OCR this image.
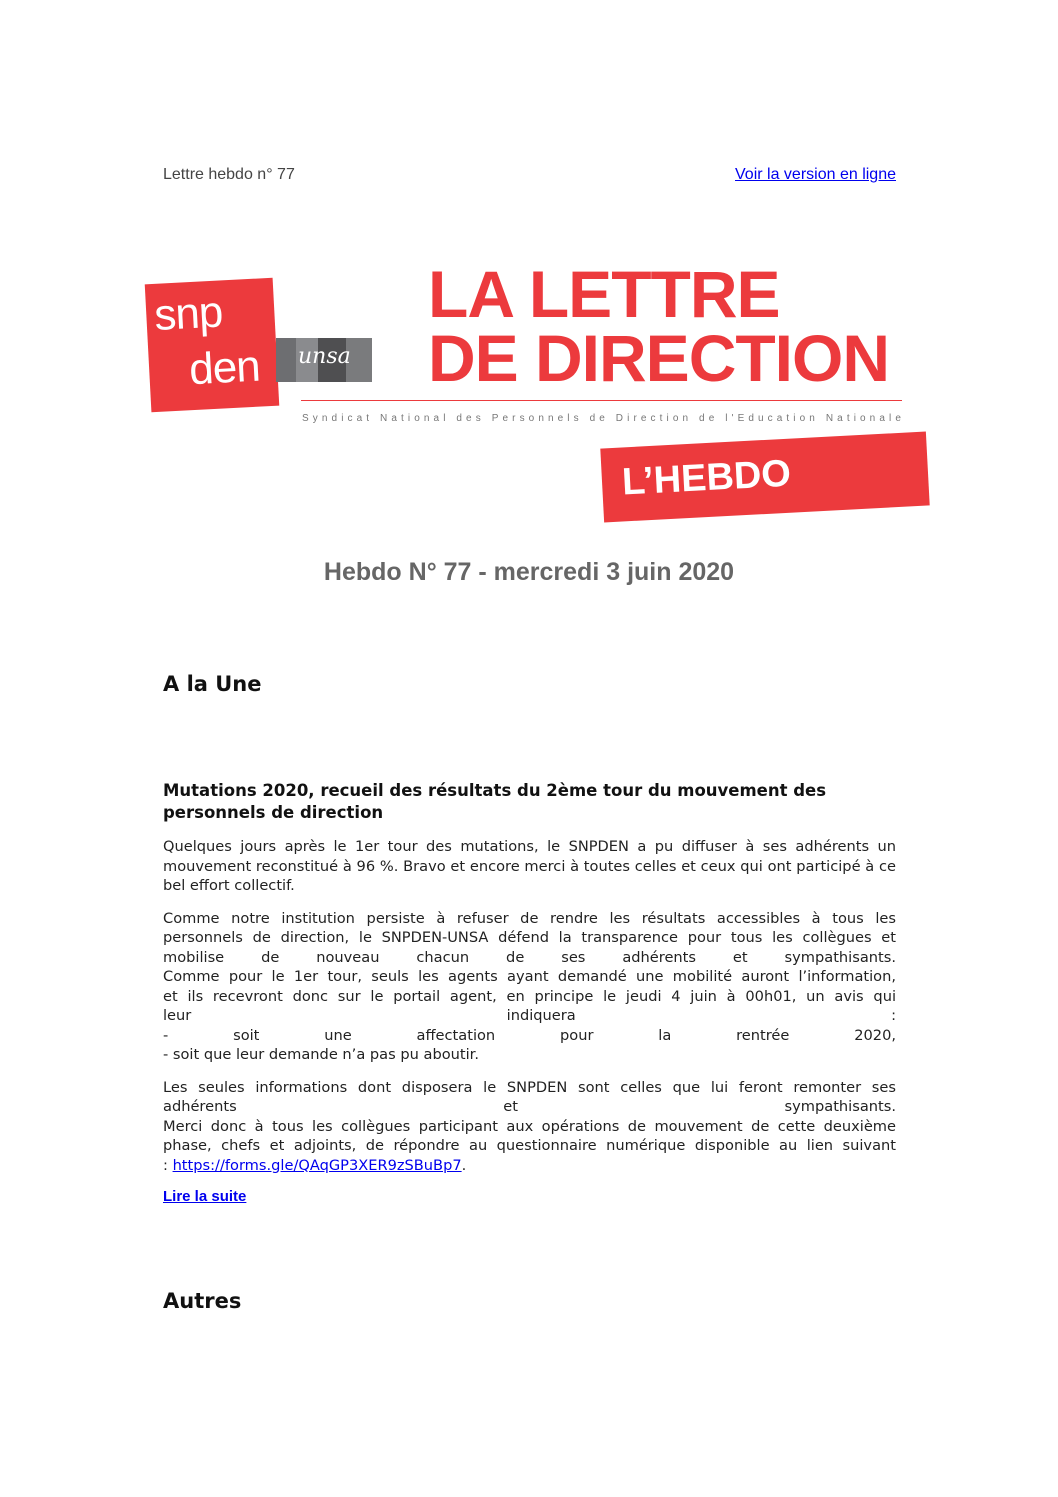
Lettre hebdo n° 77	Voir la version en ligne
snp
den unsa
LA LETTRE
DE DIRECTION
Syndicat National des Personnels de Direction de l'Education Nationale
L’HEBDO
Hebdo N° 77 - mercredi 3 juin 2020
A la Une
Mutations 2020, recueil des résultats du 2ème tour du mouvement des personnels de direction

Quelques jours après le 1er tour des mutations, le SNPDEN a pu diffuser à ses adhérents un mouvement reconstitué à 96 %. Bravo et encore merci à toutes celles et ceux qui ont participé à ce bel effort collectif.

Comme notre institution persiste à refuser de rendre les résultats accessibles à tous les
personnels de direction, le SNPDEN-UNSA défend la transparence pour tous les collègues et
mobilise de nouveau chacun de ses adhérents et sympathisants.
Comme pour le 1er tour, seuls les agents ayant demandé une mobilité auront l’information,
et ils recevront donc sur le portail agent, en principe le jeudi 4 juin à 00h01, un avis qui
leur indiquera :
- soit une affectation pour la rentrée 2020,
- soit que leur demande n’a pas pu aboutir.

Les seules informations dont disposera le SNPDEN sont celles que lui feront remonter ses
adhérents et sympathisants.
Merci donc à tous les collègues participant aux opérations de mouvement de cette deuxième
phase, chefs et adjoints, de répondre au questionnaire numérique disponible au lien suivant
: https://forms.gle/QAqGP3XER9zSBuBp7.

Lire la suite
Autres
